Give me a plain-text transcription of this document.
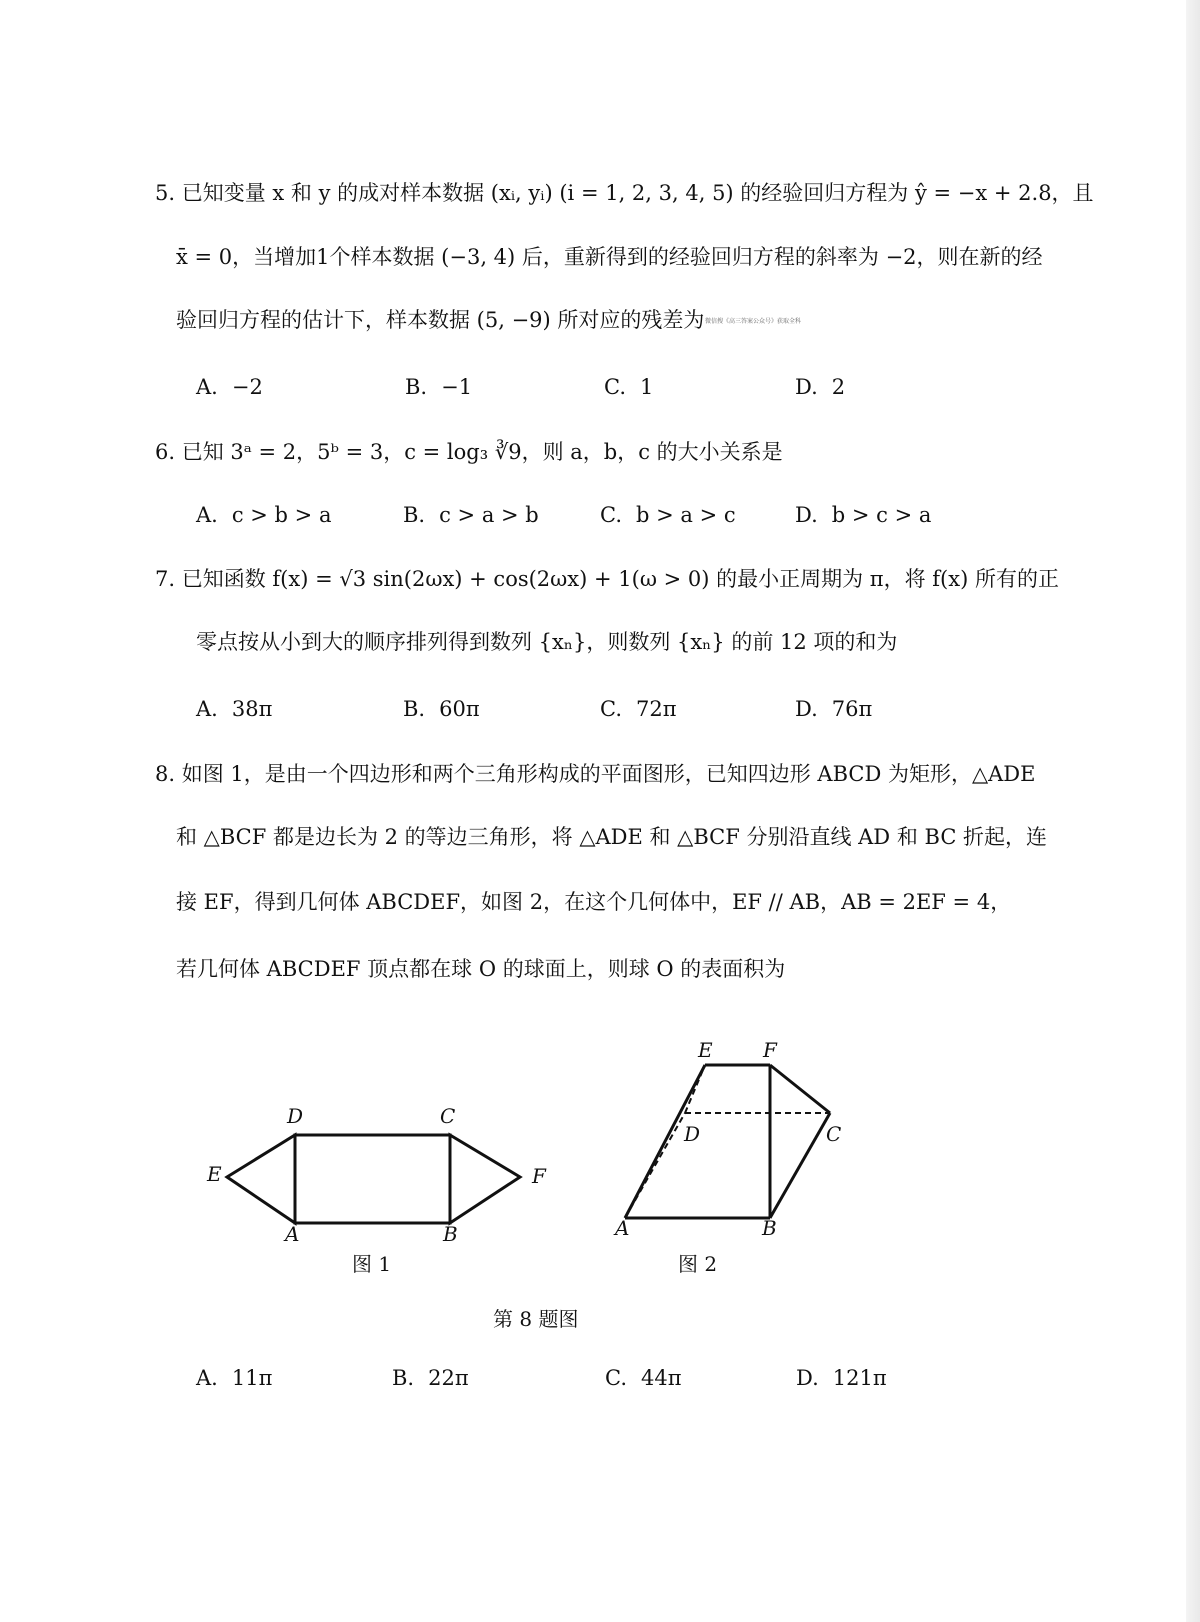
5. 已知变量 x 和 y 的成对样本数据 (xᵢ, yᵢ) (i = 1, 2, 3, 4, 5) 的经验回归方程为 ŷ = −x + 2.8，且
x̄ = 0，当增加1个样本数据 (−3, 4) 后，重新得到的经验回归方程的斜率为 −2，则在新的经
验回归方程的估计下，样本数据 (5, −9) 所对应的残差为 微信搜《高三答案公众号》获取全科
A. −2	B. −1	C. 1	D. 2
6. 已知 3ᵃ = 2，5ᵇ = 3，c = log₃ ∛9，则 a，b，c 的大小关系是
A. c > b > a	B. c > a > b	C. b > a > c	D. b > c > a
7. 已知函数 f(x) = √3 sin(2ωx) + cos(2ωx) + 1(ω > 0) 的最小正周期为 π，将 f(x) 所有的正
零点按从小到大的顺序排列得到数列 {xₙ}，则数列 {xₙ} 的前 12 项的和为
A. 38π	B. 60π	C. 72π	D. 76π
8. 如图 1，是由一个四边形和两个三角形构成的平面图形，已知四边形 ABCD 为矩形，△ADE
和 △BCF 都是边长为 2 的等边三角形，将 △ADE 和 △BCF 分别沿直线 AD 和 BC 折起，连
接 EF，得到几何体 ABCDEF，如图 2，在这个几何体中，EF // AB，AB = 2EF = 4，
若几何体 ABCDEF 顶点都在球 O 的球面上，则球 O 的表面积为
D	C
E	F
A	B
图 1
E	F
D	C
A	B
图 2
第 8 题图
A. 11π	B. 22π	C. 44π	D. 121π
